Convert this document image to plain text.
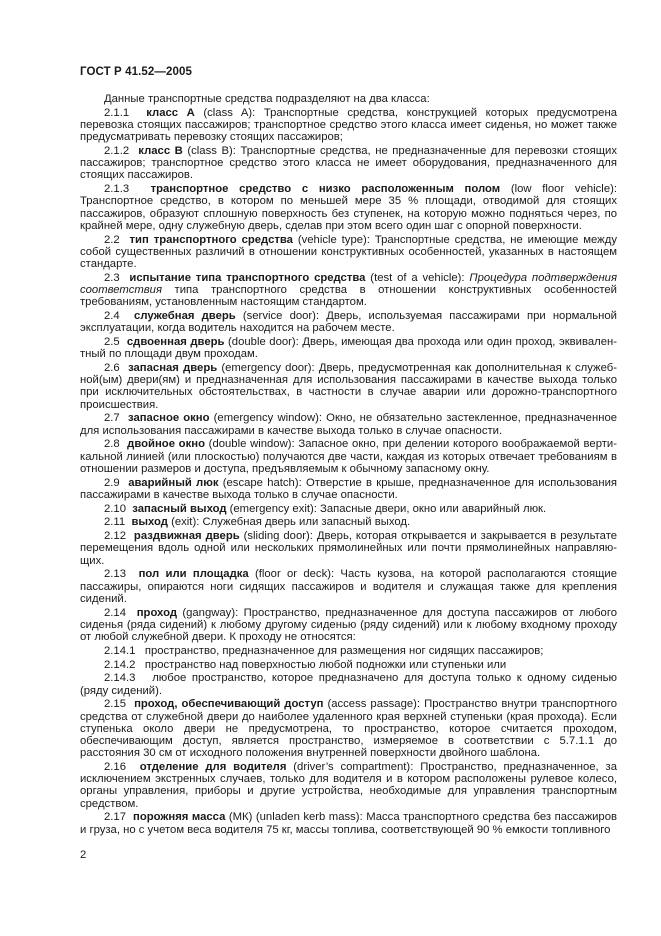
ГОСТ Р 41.52—2005

Данные транспортные средства подразделяют на два класса:

2.1.1 класс А (class A): Транспортные средства, конструкцией которых предусмотрена перевозка стоящих пассажиров; транспортное средство этого класса имеет сиденья, но может также предусматривать перевозку стоящих пассажиров;

2.1.2 класс В (class B): Транспортные средства, не предназначенные для перевозки стоящих пассажиров; транспортное средство этого класса не имеет оборудования, предназначенного для стоящих пассажиров.

2.1.3 транспортное средство с низко расположенным полом (low floor vehicle): Транспортное средство, в котором по меньшей мере 35 % площади, отводимой для стоящих пассажиров, образуют сплошную поверхность без ступенек, на которую можно подняться через, по крайней мере, одну служебную дверь, сделав при этом всего один шаг с опорной поверхности.

2.2 тип транспортного средства (vehicle type): Транспортные средства, не имеющие между собой существенных различий в отношении конструктивных особенностей, указанных в настоящем стандарте.

2.3 испытание типа транспортного средства (test of a vehicle): Процедура подтверждения соответствия типа транспортного средства в отношении конструктивных особенностей требованиям, установленным настоящим стандартом.

2.4 служебная дверь (service door): Дверь, используемая пассажирами при нормальной эксплуатации, когда водитель находится на рабочем месте.

2.5 сдвоенная дверь (double door): Дверь, имеющая два прохода или один проход, эквивалентный по площади двум проходам.

2.6 запасная дверь (emergency door): Дверь, предусмотренная как дополнительная к служебной(ым) двери(ям) и предназначенная для использования пассажирами в качестве выхода только при исключительных обстоятельствах, в частности в случае аварии или дорожно-транспортного происшествия.

2.7 запасное окно (emergency window): Окно, не обязательно застекленное, предназначенное для использования пассажирами в качестве выхода только в случае опасности.

2.8 двойное окно (double window): Запасное окно, при делении которого воображаемой вертикальной линией (или плоскостью) получаются две части, каждая из которых отвечает требованиям в отношении размеров и доступа, предъявляемым к обычному запасному окну.

2.9 аварийный люк (escape hatch): Отверстие в крыше, предназначенное для использования пассажирами в качестве выхода только в случае опасности.

2.10 запасный выход (emergency exit): Запасные двери, окно или аварийный люк.

2.11 выход (exit): Служебная дверь или запасный выход.

2.12 раздвижная дверь (sliding door): Дверь, которая открывается и закрывается в результате перемещения вдоль одной или нескольких прямолинейных или почти прямолинейных направляющих.

2.13 пол или площадка (floor or deck): Часть кузова, на которой располагаются стоящие пассажиры, опираются ноги сидящих пассажиров и водителя и служащая также для крепления сидений.

2.14 проход (gangway): Пространство, предназначенное для доступа пассажиров от любого сиденья (ряда сидений) к любому другому сиденью (ряду сидений) или к любому входному проходу от любой служебной двери. К проходу не относятся:

2.14.1 пространство, предназначенное для размещения ног сидящих пассажиров;

2.14.2 пространство над поверхностью любой подножки или ступеньки или

2.14.3 любое пространство, которое предназначено для доступа только к одному сиденью (ряду сидений).

2.15 проход, обеспечивающий доступ (access passage): Пространство внутри транспортного средства от служебной двери до наиболее удаленного края верхней ступеньки (края прохода). Если ступенька около двери не предусмотрена, то пространство, которое считается проходом, обеспечивающим доступ, является пространство, измеряемое в соответствии с 5.7.1.1 до расстояния 30 см от исходного положения внутренней поверхности двойного шаблона.

2.16 отделение для водителя (driver’s compartment): Пространство, предназначенное, за исключением экстренных случаев, только для водителя и в котором расположены рулевое колесо, органы управления, приборы и другие устройства, необходимые для управления транспортным средством.

2.17 порожняя масса (МК) (unladen kerb mass): Масса транспортного средства без пассажиров и груза, но с учетом веса водителя 75 кг, массы топлива, соответствующей 90 % емкости топливного

2
